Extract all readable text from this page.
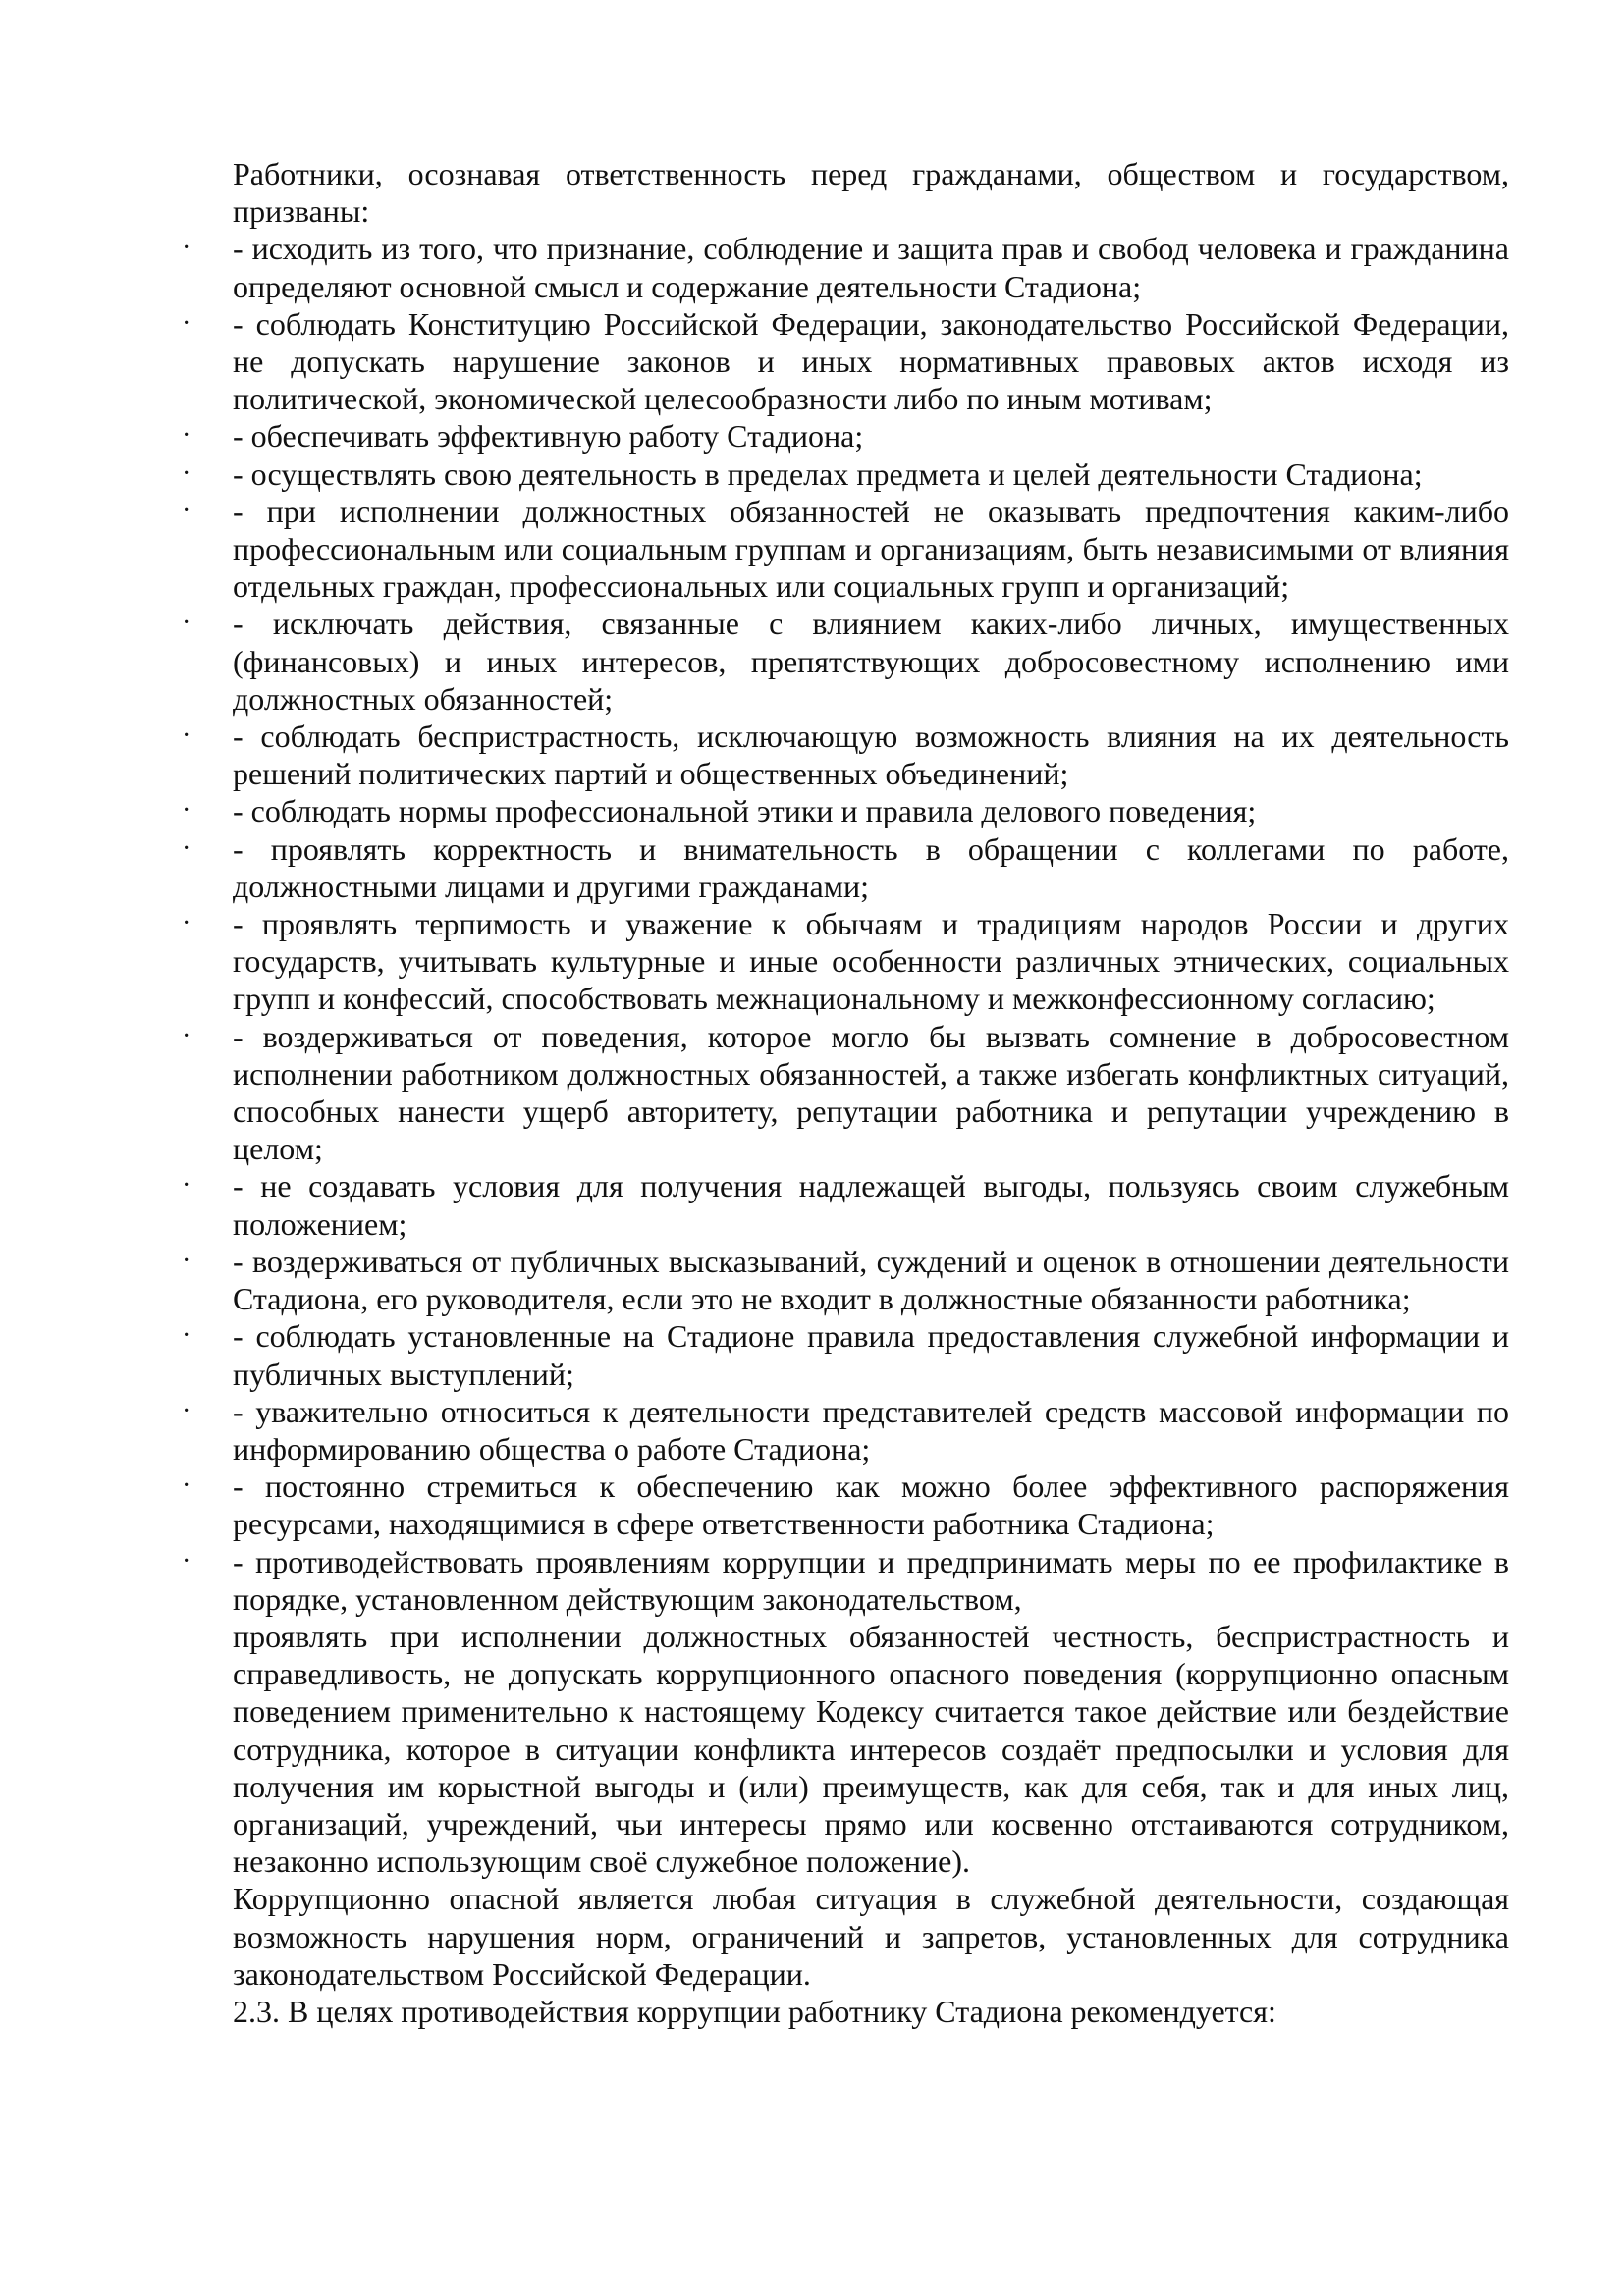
Работники, осознавая ответственность перед гражданами, обществом и государством, призваны:

·	- исходить из того, что признание, соблюдение и защита прав и свобод человека и гражданина определяют основной смысл и содержание деятельности Стадиона;
·	- соблюдать Конституцию Российской Федерации, законодательство Российской Федерации, не допускать нарушение законов и иных нормативных правовых актов исходя из политической, экономической целесообразности либо по иным мотивам;
·	- обеспечивать эффективную работу Стадиона;
·	- осуществлять свою деятельность в пределах предмета и целей деятельности Стадиона;
·	- при исполнении должностных обязанностей не оказывать предпочтения каким-либо профессиональным или социальным группам и организациям, быть независимыми от влияния отдельных граждан, профессиональных или социальных групп и организаций;
·	- исключать действия, связанные с влиянием каких-либо личных, имущественных (финансовых) и иных интересов, препятствующих добросовестному исполнению ими должностных обязанностей;
·	- соблюдать беспристрастность, исключающую возможность влияния на их деятельность решений политических партий и общественных объединений;
·	- соблюдать нормы профессиональной этики и правила делового поведения;
·	- проявлять корректность и внимательность в обращении с коллегами по работе, должностными лицами и другими гражданами;
·	- проявлять терпимость и уважение к обычаям и традициям народов России и других государств, учитывать культурные и иные особенности различных этнических, социальных групп и конфессий, способствовать межнациональному и межконфессионному согласию;
·	- воздерживаться от поведения, которое могло бы вызвать сомнение в добросовестном исполнении работником должностных обязанностей, а также избегать конфликтных ситуаций, способных нанести ущерб авторитету, репутации работника и репутации учреждению в целом;
·	- не создавать условия для получения надлежащей выгоды, пользуясь своим служебным положением;
·	- воздерживаться от публичных высказываний, суждений и оценок в отношении деятельности Стадиона, его руководителя, если это не входит в должностные обязанности работника;
·	- соблюдать установленные на Стадионе правила предоставления служебной информации и публичных выступлений;
·	- уважительно относиться к деятельности представителей средств массовой информации по информированию общества о работе Стадиона;
·	- постоянно стремиться к обеспечению как можно более эффективного распоряжения ресурсами, находящимися в сфере ответственности работника Стадиона;
·	- противодействовать проявлениям коррупции и предпринимать меры по ее профилактике в порядке, установленном действующим законодательством,

проявлять при исполнении должностных обязанностей честность, беспристрастность и справедливость, не допускать коррупционного опасного поведения (коррупционно опасным поведением применительно к настоящему Кодексу считается такое действие или бездействие сотрудника, которое в ситуации конфликта интересов создаёт предпосылки и условия для получения им корыстной выгоды и (или) преимуществ, как для себя, так и для иных лиц, организаций, учреждений, чьи интересы прямо или косвенно отстаиваются сотрудником, незаконно использующим своё служебное положение).

Коррупционно опасной является любая ситуация в служебной деятельности, создающая возможность нарушения норм, ограничений и запретов, установленных для сотрудника законодательством Российской Федерации.

2.3. В целях противодействия коррупции работнику Стадиона рекомендуется:
